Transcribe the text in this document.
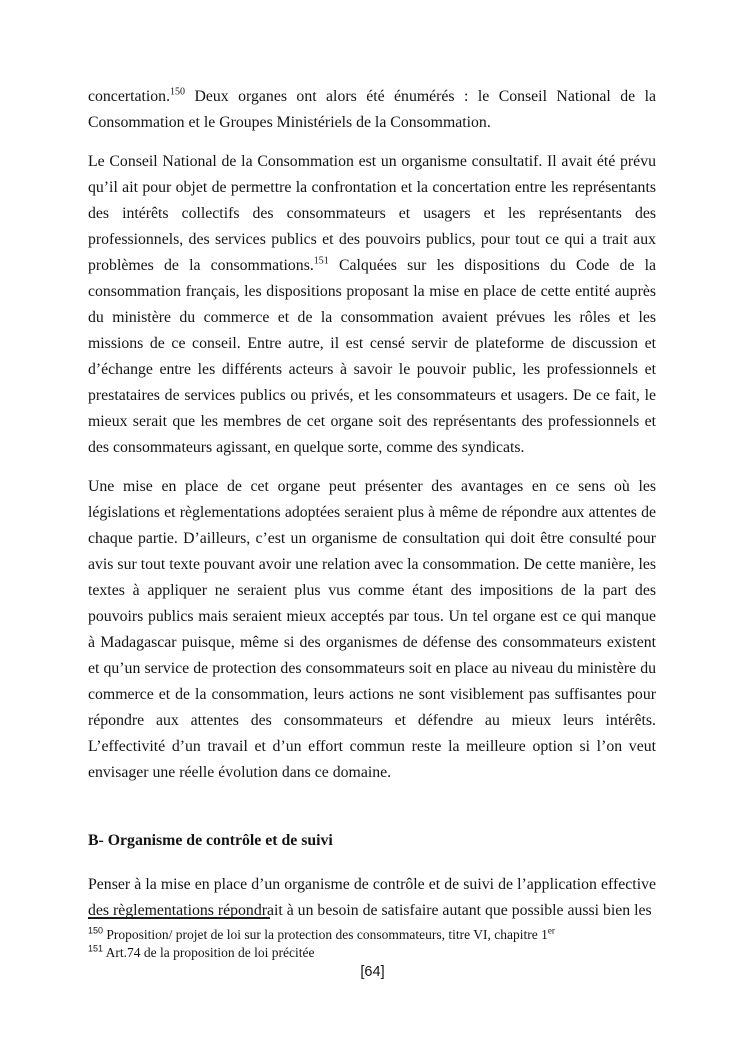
concertation.$^{150}$ Deux organes ont alors été énumérés : le Conseil National de la Consommation et le Groupes Ministériels de la Consommation.

Le Conseil National de la Consommation est un organisme consultatif. Il avait été prévu qu’il ait pour objet de permettre la confrontation et la concertation entre les représentants des intérêts collectifs des consommateurs et usagers et les représentants des professionnels, des services publics et des pouvoirs publics, pour tout ce qui a trait aux problèmes de la consommations.$^{151}$ Calquées sur les dispositions du Code de la consommation français, les dispositions proposant la mise en place de cette entité auprès du ministère du commerce et de la consommation avaient prévues les rôles et les missions de ce conseil. Entre autre, il est censé servir de plateforme de discussion et d’échange entre les différents acteurs à savoir le pouvoir public, les professionnels et prestataires de services publics ou privés, et les consommateurs et usagers. De ce fait, le mieux serait que les membres de cet organe soit des représentants des professionnels et des consommateurs agissant, en quelque sorte, comme des syndicats.

Une mise en place de cet organe peut présenter des avantages en ce sens où les législations et règlementations adoptées seraient plus à même de répondre aux attentes de chaque partie. D’ailleurs, c’est un organisme de consultation qui doit être consulté pour avis sur tout texte pouvant avoir une relation avec la consommation. De cette manière, les textes à appliquer ne seraient plus vus comme étant des impositions de la part des pouvoirs publics mais seraient mieux acceptés par tous. Un tel organe est ce qui manque à Madagascar puisque, même si des organismes de défense des consommateurs existent et qu’un service de protection des consommateurs soit en place au niveau du ministère du commerce et de la consommation, leurs actions ne sont visiblement pas suffisantes pour répondre aux attentes des consommateurs et défendre au mieux leurs intérêts. L’effectivité d’un travail et d’un effort commun reste la meilleure option si l’on veut envisager une réelle évolution dans ce domaine.

B- Organisme de contrôle et de suivi

Penser à la mise en place d’un organisme de contrôle et de suivi de l’application effective des règlementations répondrait à un besoin de satisfaire autant que possible aussi bien les

$^{150}$ Proposition/ projet de loi sur la protection des consommateurs, titre VI, chapitre 1er
$^{151}$ Art.74 de la proposition de loi précitée
[64]
